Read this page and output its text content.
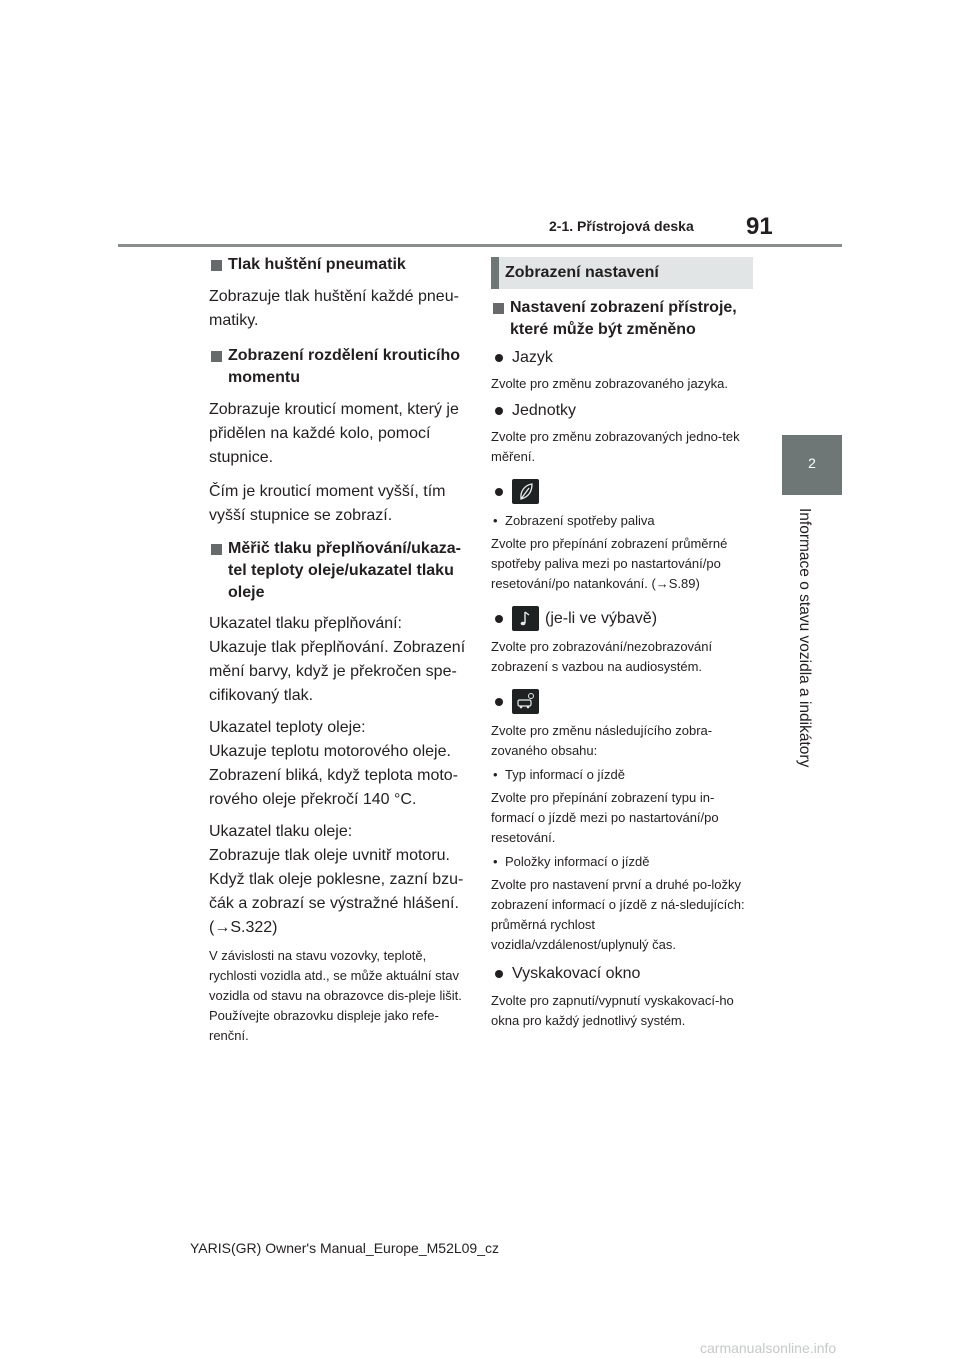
2-1. Přístrojová deska 91
2
Informace o stavu vozidla a indikátory
Tlak huštění pneumatik

Zobrazuje tlak huštění každé pneu-matiky.

Zobrazení rozdělení krouticího momentu

Zobrazuje krouticí moment, který je přidělen na každé kolo, pomocí stupnice.

Čím je krouticí moment vyšší, tím vyšší stupnice se zobrazí.

Měřič tlaku přeplňování/ukaza-tel teploty oleje/ukazatel tlaku oleje

Ukazatel tlaku přeplňování:

Ukazuje tlak přeplňování. Zobrazení mění barvy, když je překročen spe-cifikovaný tlak.

Ukazatel teploty oleje:

Ukazuje teplotu motorového oleje. Zobrazení bliká, když teplota moto-rového oleje překročí 140 °C.

Ukazatel tlaku oleje:

Zobrazuje tlak oleje uvnitř motoru. Když tlak oleje poklesne, zazní bzu-čák a zobrazí se výstražné hlášení.

(→S.322)

V závislosti na stavu vozovky, teplotě, rychlosti vozidla atd., se může aktuální stav vozidla od stavu na obrazovce dis-pleje lišit.

Používejte obrazovku displeje jako refe-renční.

Zobrazení nastavení
Nastavení zobrazení přístroje, které může být změněno
Jazyk

Zvolte pro změnu zobrazovaného jazyka.

Jednotky

Zvolte pro změnu zobrazovaných jedno-tek měření.

• Zobrazení spotřeby paliva

Zvolte pro přepínání zobrazení průměrné spotřeby paliva mezi po nastartování/po resetování/po natankování. (→S.89)

(je-li ve výbavě)

Zvolte pro zobrazování/nezobrazování zobrazení s vazbou na audiosystém.

Zvolte pro změnu následujícího zobra-zovaného obsahu:

• Typ informací o jízdě

Zvolte pro přepínání zobrazení typu in-formací o jízdě mezi po nastartování/po resetování.

• Položky informací o jízdě

Zvolte pro nastavení první a druhé po-ložky zobrazení informací o jízdě z ná-sledujících: průměrná rychlost vozidla/vzdálenost/uplynulý čas.

Vyskakovací okno

Zvolte pro zapnutí/vypnutí vyskakovací-ho okna pro každý jednotlivý systém.

YARIS(GR) Owner's Manual_Europe_M52L09_cz
carmanualsonline.info
